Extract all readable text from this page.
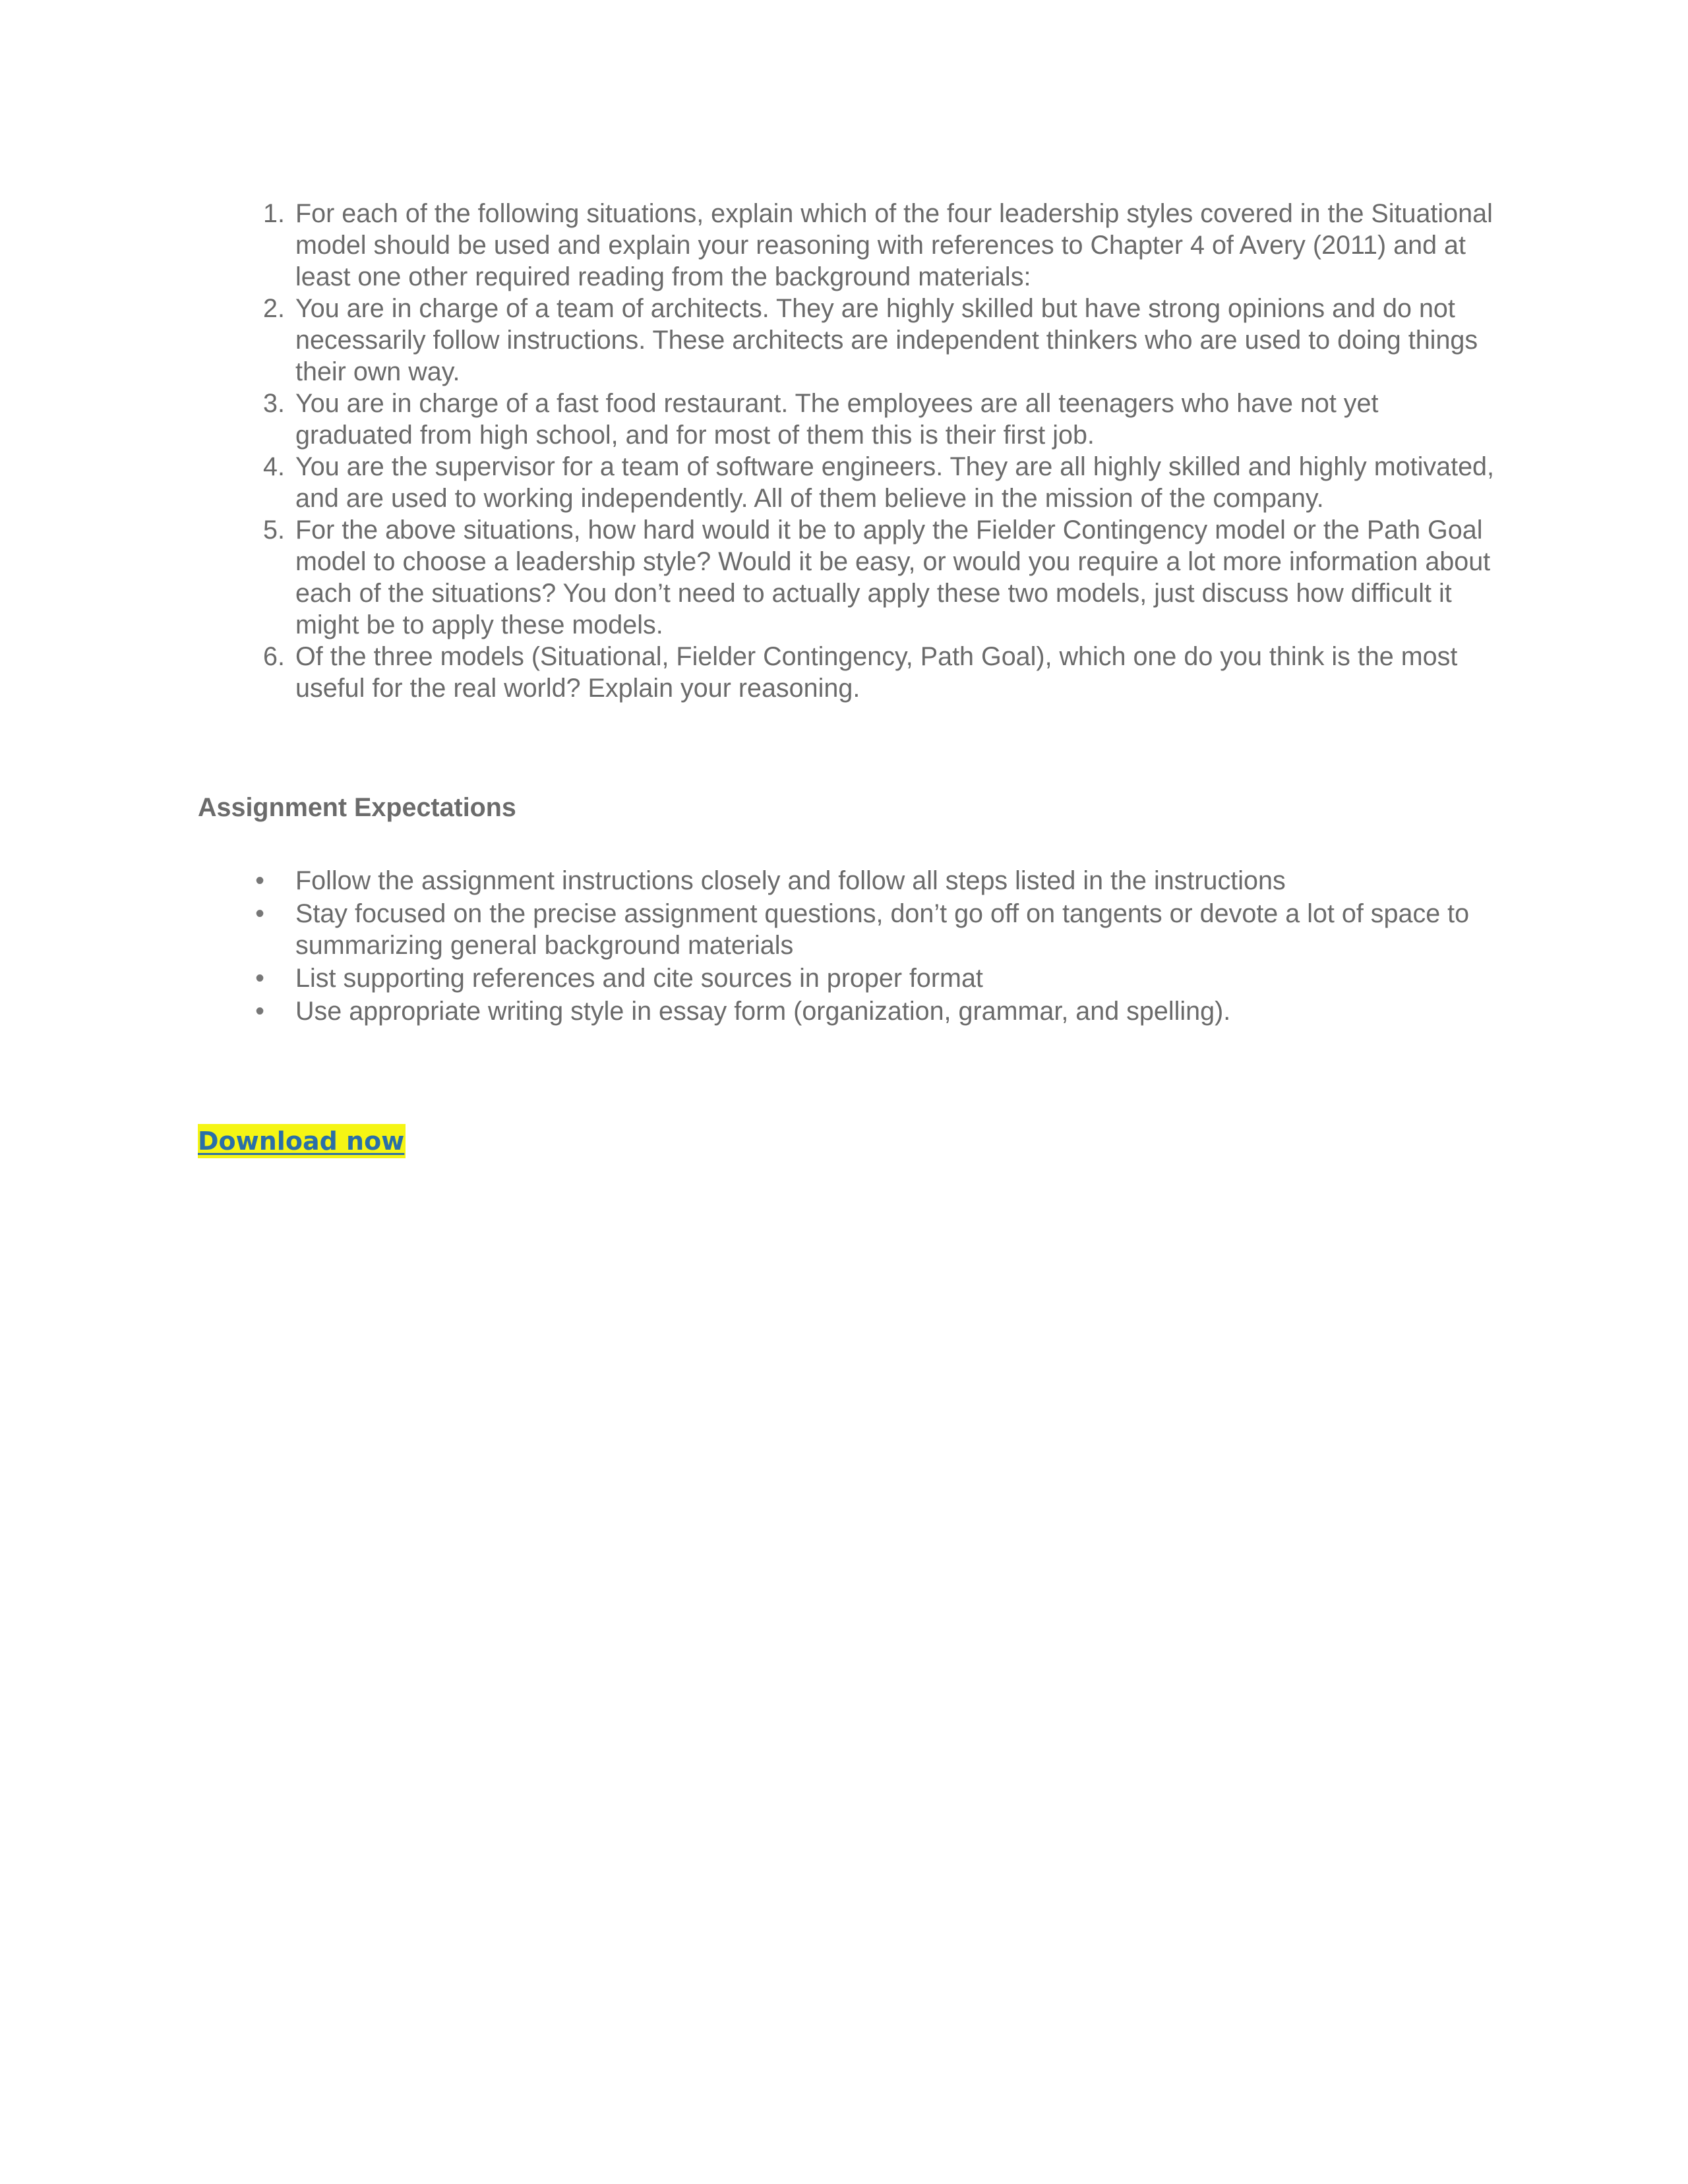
1. For each of the following situations, explain which of the four leadership styles covered in the Situational model should be used and explain your reasoning with references to Chapter 4 of Avery (2011) and at least one other required reading from the background materials:
2. You are in charge of a team of architects. They are highly skilled but have strong opinions and do not necessarily follow instructions. These architects are independent thinkers who are used to doing things their own way.
3. You are in charge of a fast food restaurant. The employees are all teenagers who have not yet graduated from high school, and for most of them this is their first job.
4. You are the supervisor for a team of software engineers. They are all highly skilled and highly motivated, and are used to working independently. All of them believe in the mission of the company.
5. For the above situations, how hard would it be to apply the Fielder Contingency model or the Path Goal model to choose a leadership style? Would it be easy, or would you require a lot more information about each of the situations? You don’t need to actually apply these two models, just discuss how difficult it might be to apply these models.
6. Of the three models (Situational, Fielder Contingency, Path Goal), which one do you think is the most useful for the real world? Explain your reasoning.
Assignment Expectations
• Follow the assignment instructions closely and follow all steps listed in the instructions
• Stay focused on the precise assignment questions, don’t go off on tangents or devote a lot of space to summarizing general background materials
• List supporting references and cite sources in proper format
• Use appropriate writing style in essay form (organization, grammar, and spelling).
Download now
